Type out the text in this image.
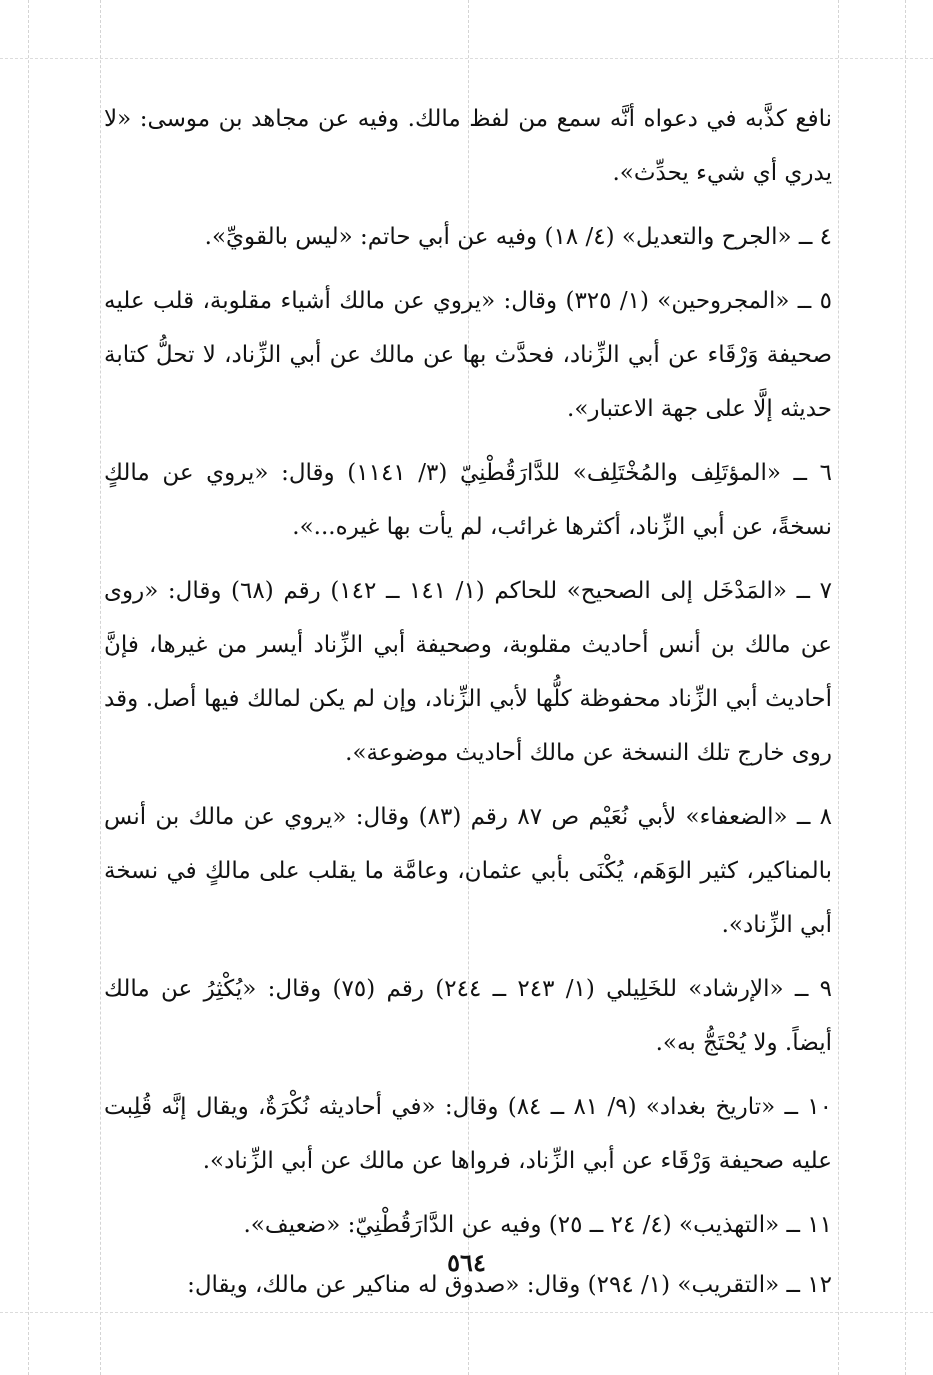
نافع كذَّبه في دعواه أنَّه سمع من لفظ مالك. وفيه عن مجاهد بن موسى: «لا يدري أي شيء يحدِّث».

٤ ــ «الجرح والتعديل» (٤/ ١٨) وفيه عن أبي حاتم: «ليس بالقويِّ».

٥ ــ «المجروحين» (١/ ٣٢٥) وقال: «يروي عن مالك أشياء مقلوبة، قلب عليه صحيفة وَرْقَاء عن أبي الزِّناد، فحدَّث بها عن مالك عن أبي الزِّناد، لا تحلُّ كتابة حديثه إلَّا على جهة الاعتبار».

٦ ــ «المؤتَلِف والمُخْتَلِف» للدَّارَقُطْنِيّ (٣/ ١١٤١) وقال: «يروي عن مالكٍ نسخةً، عن أبي الزِّناد، أكثرها غرائب، لم يأت بها غيره...».

٧ ــ «المَدْخَل إلى الصحيح» للحاكم (١/ ١٤١ ــ ١٤٢) رقم (٦٨) وقال: «روى عن مالك بن أنس أحاديث مقلوبة، وصحيفة أبي الزِّناد أيسر من غيرها، فإنَّ أحاديث أبي الزِّناد محفوظة كلُّها لأبي الزِّناد، وإن لم يكن لمالك فيها أصل. وقد روى خارج تلك النسخة عن مالك أحاديث موضوعة».

٨ ــ «الضعفاء» لأبي نُعَيْم ص ٨٧ رقم (٨٣) وقال: «يروي عن مالك بن أنس بالمناكير، كثير الوَهَم، يُكْنَى بأبي عثمان، وعامَّة ما يقلب على مالكٍ في نسخة أبي الزِّناد».

٩ ــ «الإرشاد» للخَلِيلي (١/ ٢٤٣ ــ ٢٤٤) رقم (٧٥) وقال: «يُكْثِرُ عن مالك أيضاً. ولا يُحْتَجُّ به».

١٠ ــ «تاريخ بغداد» (٩/ ٨١ ــ ٨٤) وقال: «في أحاديثه نُكْرَةٌ، ويقال إنَّه قُلِبت عليه صحيفة وَرْقَاء عن أبي الزِّناد، فرواها عن مالك عن أبي الزِّناد».

١١ ــ «التهذيب» (٤/ ٢٤ ــ ٢٥) وفيه عن الدَّارَقُطْنِيّ: «ضعيف».

١٢ ــ «التقريب» (١/ ٢٩٤) وقال: «صدوق له مناكير عن مالك، ويقال:

٥٦٤
